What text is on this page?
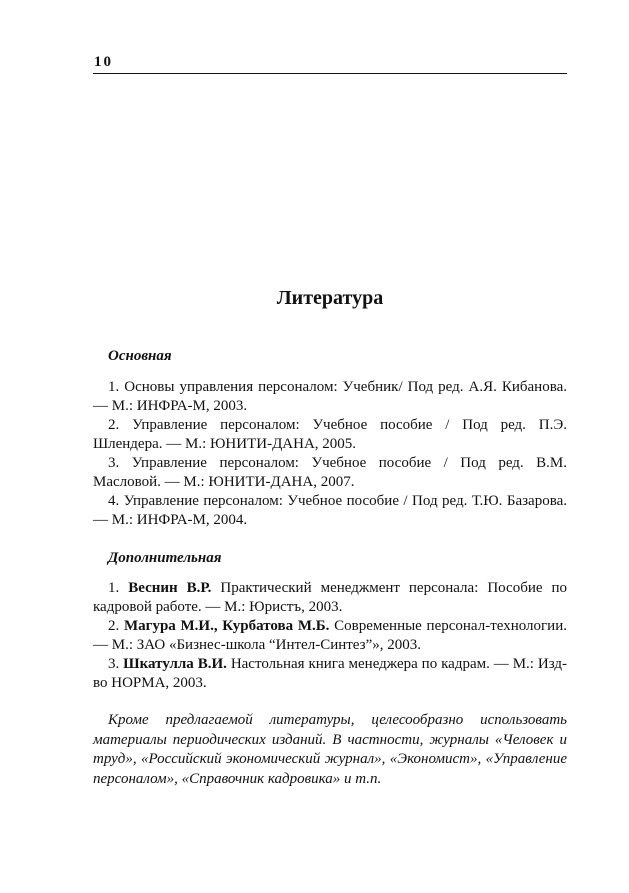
10
Литература
Основная

1. Основы управления персоналом: Учебник/ Под ред. А.Я. Кибанова. — М.: ИНФРА-М, 2003.

2. Управление персоналом: Учебное пособие / Под ред. П.Э. Шлендера. — М.: ЮНИТИ-ДАНА, 2005.

3. Управление персоналом: Учебное пособие / Под ред. В.М. Масловой. — М.: ЮНИТИ-ДАНА, 2007.

4. Управление персоналом: Учебное пособие / Под ред. Т.Ю. Базарова. — М.: ИНФРА-М, 2004.

Дополнительная

1. Веснин В.Р. Практический менеджмент персонала: Пособие по кадровой работе. — М.: Юристъ, 2003.

2. Магура М.И., Курбатова М.Б. Современные персонал-технологии. — М.: ЗАО «Бизнес-школа “Интел-Синтез”», 2003.

3. Шкатулла В.И. Настольная книга менеджера по кадрам. — М.: Изд-во НОРМА, 2003.

Кроме предлагаемой литературы, целесообразно использовать материалы периодических изданий. В частности, журналы «Человек и труд», «Российский экономический журнал», «Экономист», «Управление персоналом», «Справочник кадровика» и т.п.
